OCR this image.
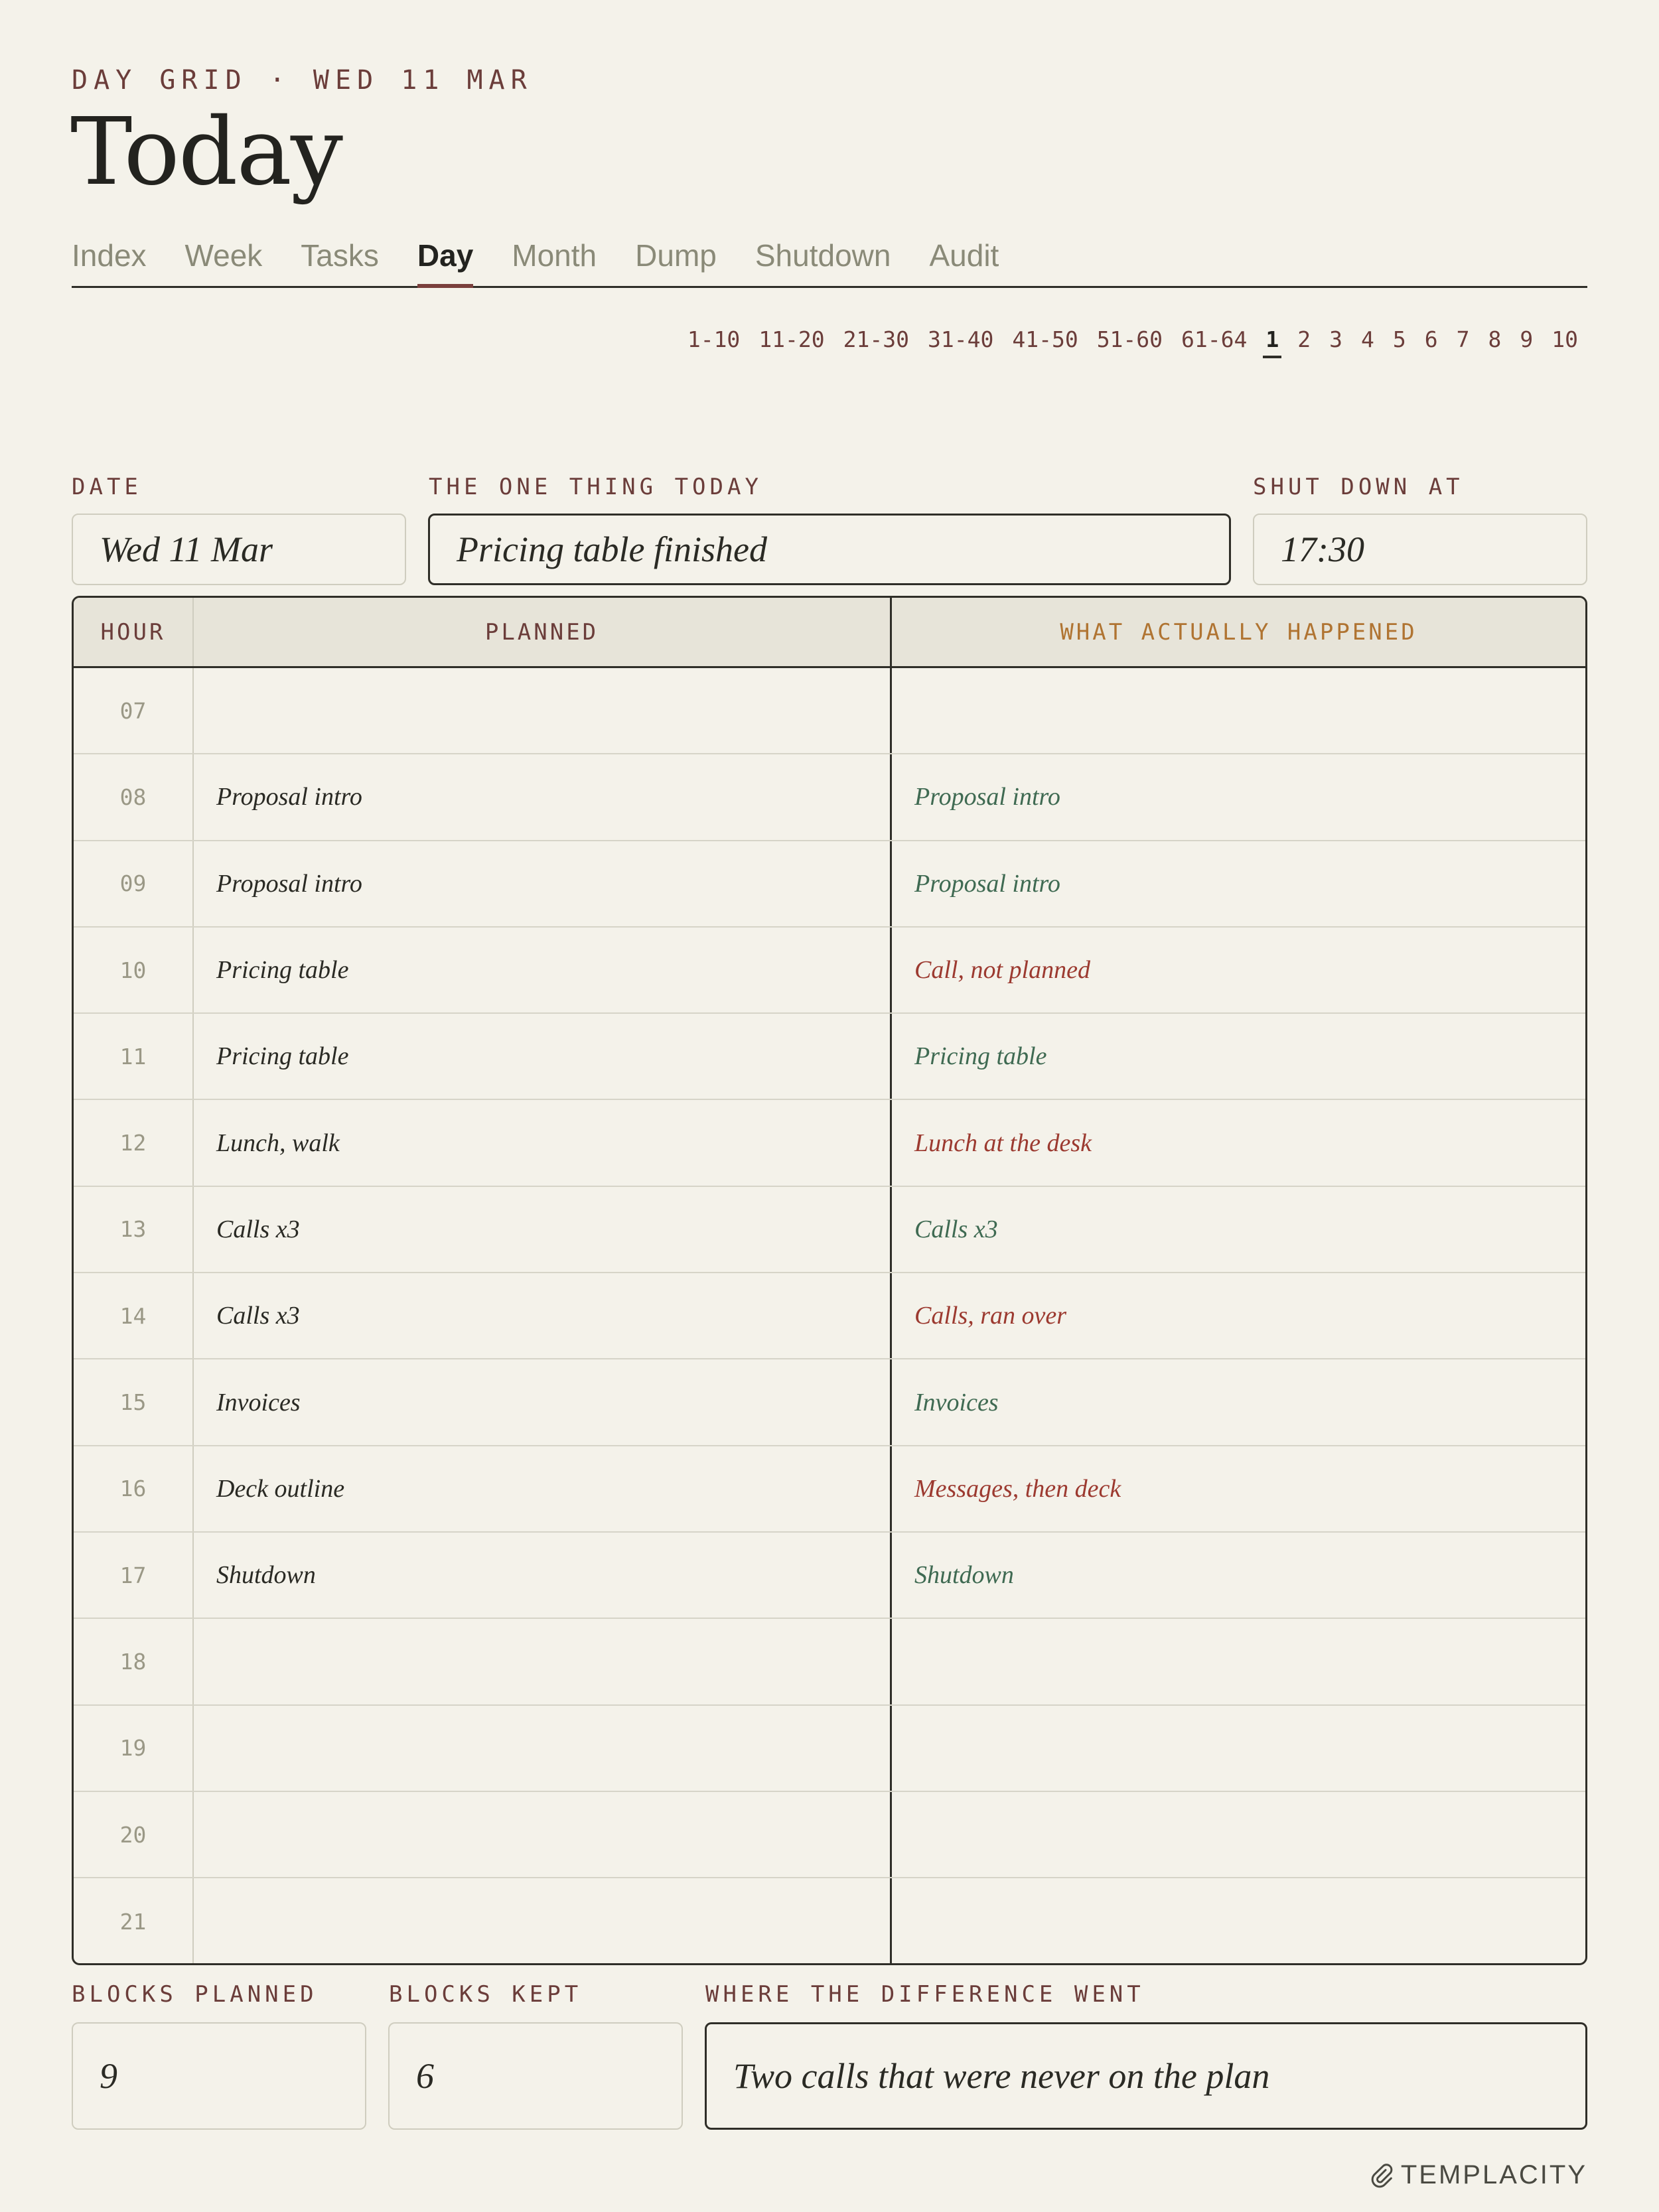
DAY GRID · WED 11 MAR
Today
Index Week Tasks Day Month Dump Shutdown Audit
1-10 11-20 21-30 31-40 41-50 51-60 61-64 1 2 3 4 5 6 7 8 9 10
DATE
Wed 11 Mar
THE ONE THING TODAY
Pricing table finished
SHUT DOWN AT
17:30
HOUR	PLANNED	WHAT ACTUALLY HAPPENED
07
08	Proposal intro	Proposal intro
09	Proposal intro	Proposal intro
10	Pricing table	Call, not planned
11	Pricing table	Pricing table
12	Lunch, walk	Lunch at the desk
13	Calls x3	Calls x3
14	Calls x3	Calls, ran over
15	Invoices	Invoices
16	Deck outline	Messages, then deck
17	Shutdown	Shutdown
18
19
20
21
BLOCKS PLANNED
9
BLOCKS KEPT
6
WHERE THE DIFFERENCE WENT
Two calls that were never on the plan
TEMPLACITY
